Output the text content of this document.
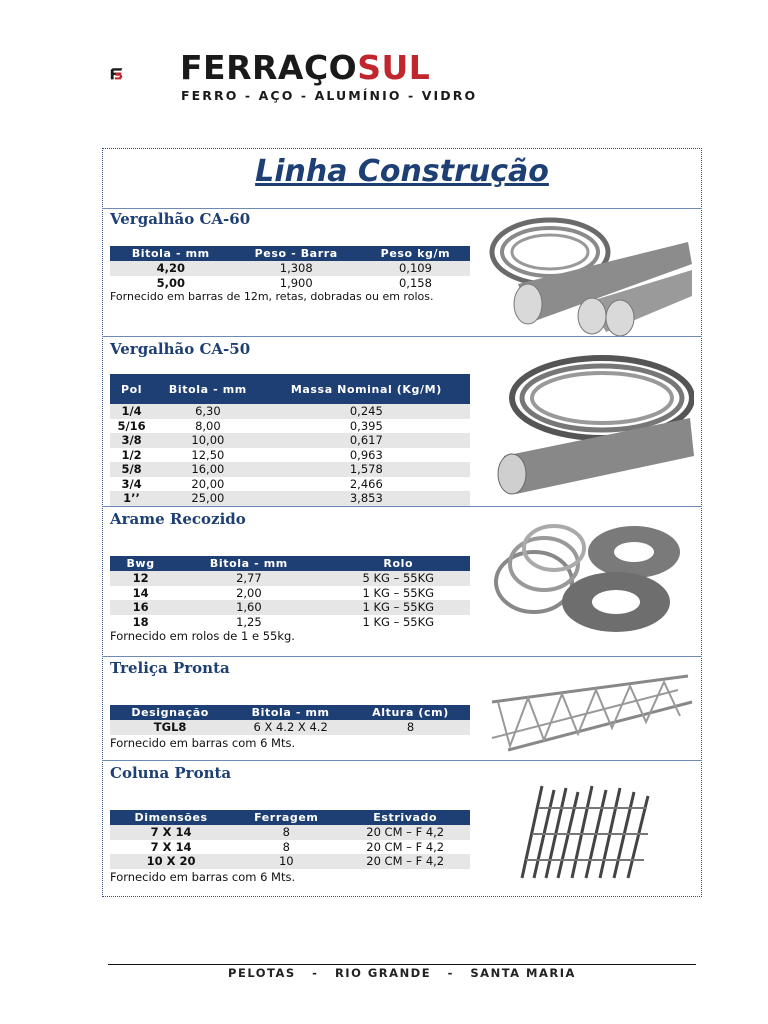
FERRAÇOSUL
FERRO - AÇO - ALUMÍNIO - VIDRO
Linha Construção
Vergalhão CA-60
Bitola - mm	Peso - Barra	Peso kg/m
4,20	1,308	0,109
5,00	1,900	0,158
Fornecido em barras de 12m, retas, dobradas ou em rolos.
Vergalhão CA-50
Pol	Bitola - mm	Massa Nominal (Kg/M)
1/4	6,30	0,245
5/16	8,00	0,395
3/8	10,00	0,617
1/2	12,50	0,963
5/8	16,00	1,578
3/4	20,00	2,466
1’’	25,00	3,853
Arame Recozido
Bwg	Bitola - mm	Rolo
12	2,77	5 KG – 55KG
14	2,00	1 KG – 55KG
16	1,60	1 KG – 55KG
18	1,25	1 KG – 55KG
Fornecido em rolos de 1 e 55kg.
Treliça Pronta
Designação	Bitola - mm	Altura (cm)
TGL8	6 X 4.2 X 4.2	8
Fornecido em barras com 6 Mts.
Coluna Pronta
Dimensões	Ferragem	Estrivado
7 X 14	8	20 CM – F 4,2
7 X 14	8	20 CM – F 4,2
10 X 20	10	20 CM – F 4,2
Fornecido em barras com 6 Mts.
PELOTAS   -   RIO GRANDE   -   SANTA MARIA
